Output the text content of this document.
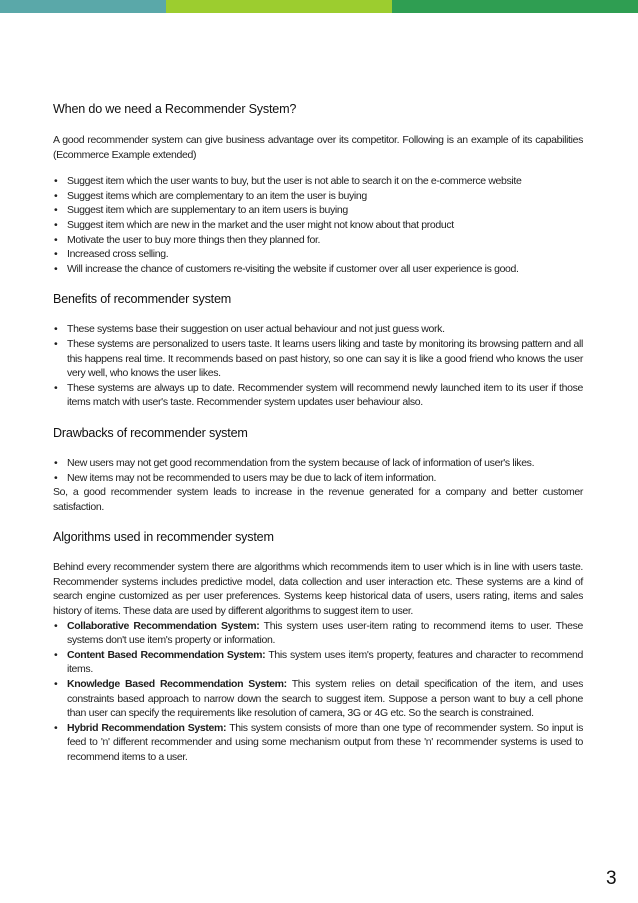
When do we need a Recommender System?

A good recommender system can give business advantage over its competitor. Following is an example of its capabilities (Ecommerce Example extended)

• Suggest item which the user wants to buy, but the user is not able to search it on the e-commerce website
• Suggest items which are complementary to an item the user is buying
• Suggest item which are supplementary to an item users is buying
• Suggest item which are new in the market and the user might not know about that product
• Motivate the user to buy more things then they planned for.
• Increased cross selling.
• Will increase the chance of customers re-visiting the website if customer over all user experience is good.
Benefits of recommender system
• These systems base their suggestion on user actual behaviour and not just guess work.
• These systems are personalized to users taste. It learns users liking and taste by monitoring its browsing pattern and all this happens real time. It recommends based on past history, so one can say it is like a good friend who knows the user very well, who knows the user likes.
• These systems are always up to date. Recommender system will recommend newly launched item to its user if those items match with user's taste. Recommender system updates user behaviour also.
Drawbacks of recommender system
• New users may not get good recommendation from the system because of lack of information of user's likes.
• New items may not be recommended to users may be due to lack of item information.

So, a good recommender system leads to increase in the revenue generated for a company and better customer satisfaction.

Algorithms used in recommender system

Behind every recommender system there are algorithms which recommends item to user which is in line with users taste. Recommender systems includes predictive model, data collection and user interaction etc. These systems are a kind of search engine customized as per user preferences. Systems keep historical data of users, users rating, items and sales history of items. These data are used by different algorithms to suggest item to user.

• Collaborative Recommendation System: This system uses user-item rating to recommend items to user. These systems don't use item's property or information.
• Content Based Recommendation System: This system uses item's property, features and character to recommend items.
• Knowledge Based Recommendation System: This system relies on detail specification of the item, and uses constraints based approach to narrow down the search to suggest item. Suppose a person want to buy a cell phone than user can specify the requirements like resolution of camera, 3G or 4G etc. So the search is constrained.
• Hybrid Recommendation System: This system consists of more than one type of recommender system. So input is feed to 'n' different recommender and using some mechanism output from these 'n' recommender systems is used to recommend items to a user.
3
